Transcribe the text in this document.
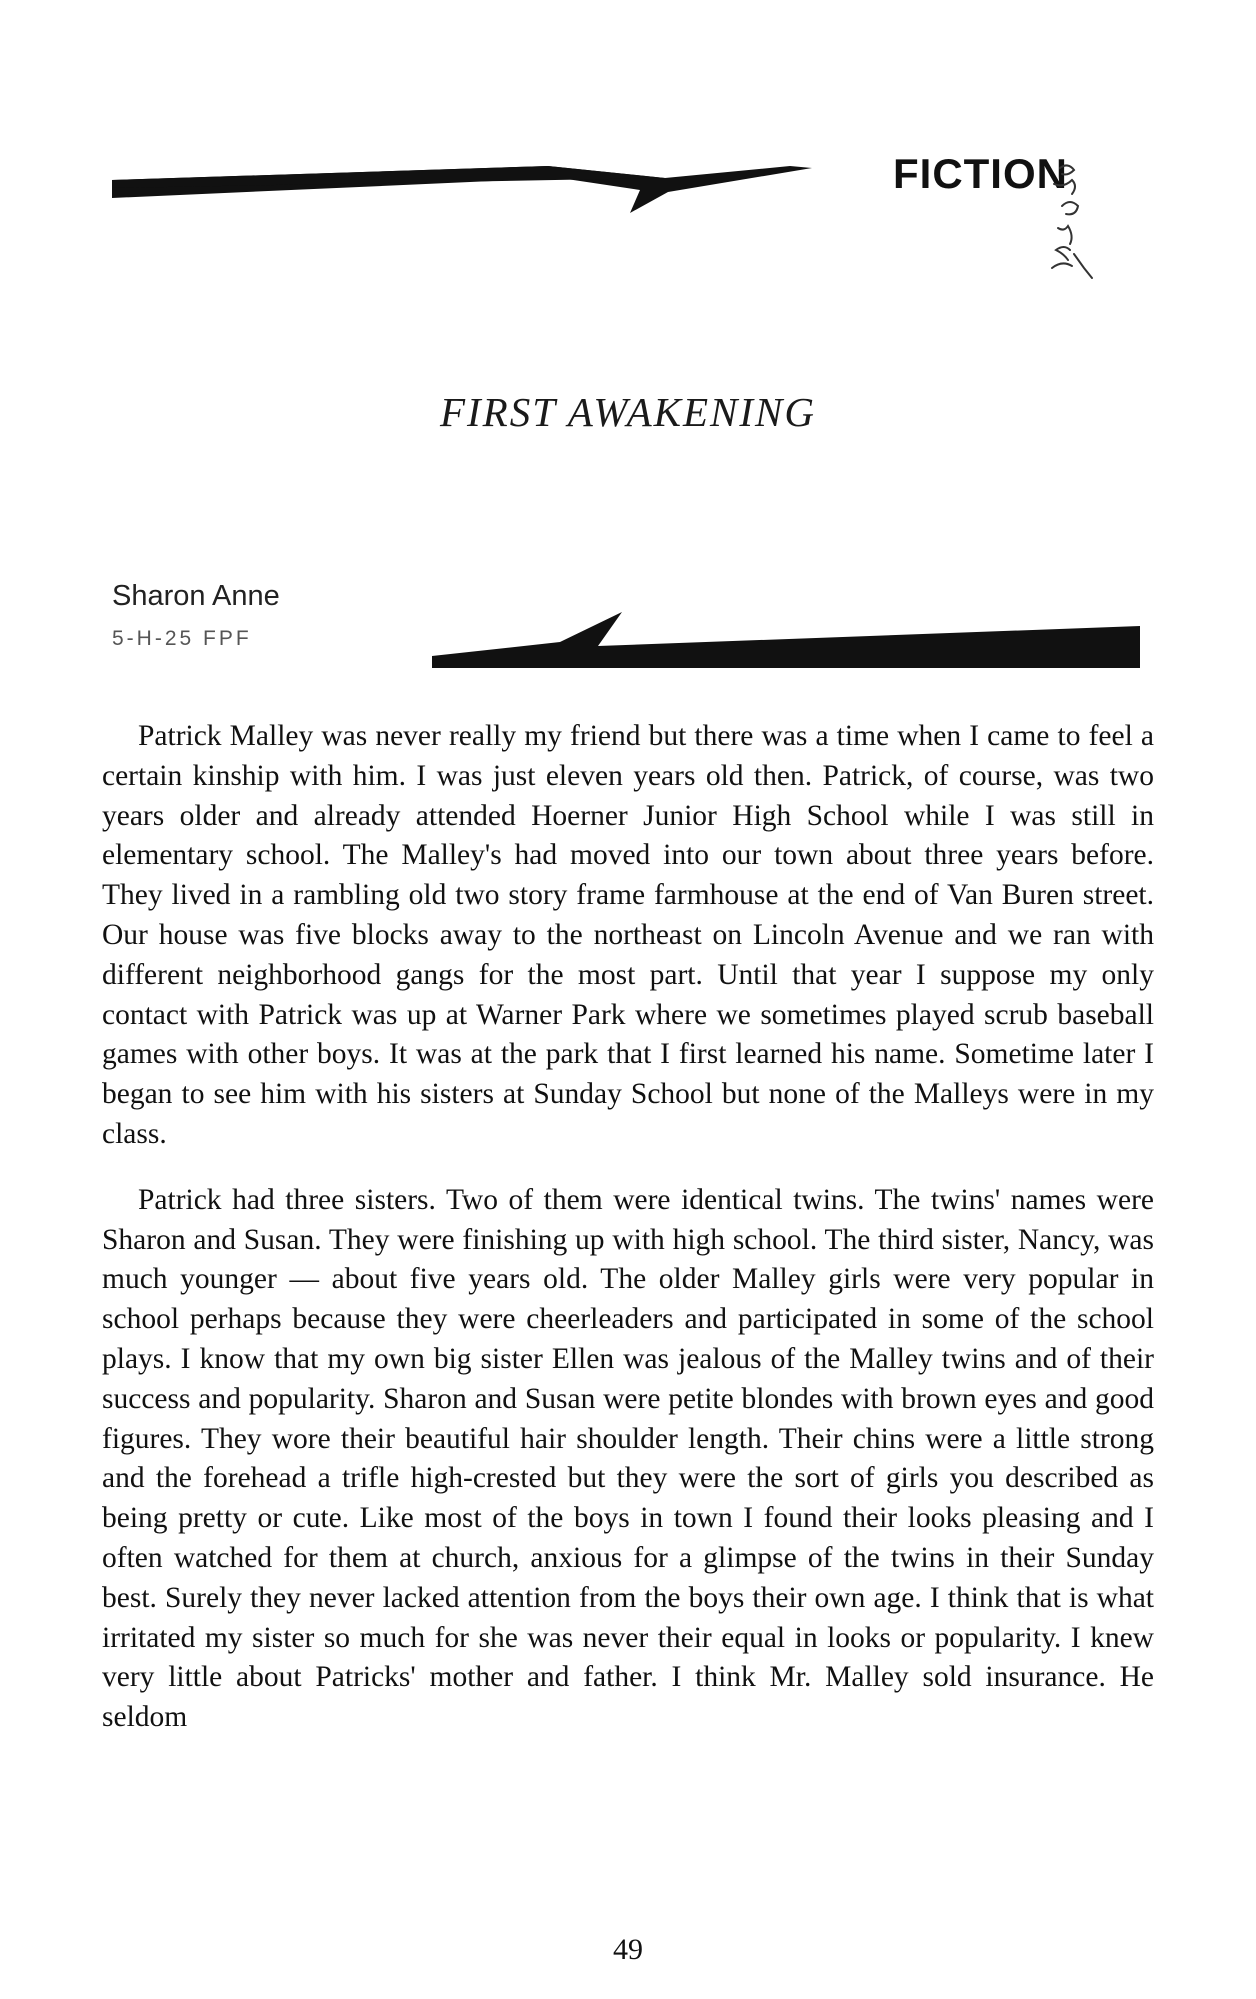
FICTION
FIRST AWAKENING
Sharon Anne
5-H-25 FPF

Patrick Malley was never really my friend but there was a time when I came to feel a certain kinship with him. I was just eleven years old then. Patrick, of course, was two years older and already attended Hoerner Junior High School while I was still in elementary school. The Malley's had moved into our town about three years before. They lived in a rambling old two story frame farmhouse at the end of Van Buren street. Our house was five blocks away to the northeast on Lincoln Avenue and we ran with different neighborhood gangs for the most part. Until that year I suppose my only contact with Patrick was up at Warner Park where we sometimes played scrub baseball games with other boys. It was at the park that I first learned his name. Sometime later I began to see him with his sisters at Sunday School but none of the Malleys were in my class.

Patrick had three sisters. Two of them were identical twins. The twins' names were Sharon and Susan. They were finishing up with high school. The third sister, Nancy, was much younger — about five years old. The older Malley girls were very popular in school perhaps because they were cheerleaders and participated in some of the school plays. I know that my own big sister Ellen was jealous of the Malley twins and of their success and popularity. Sharon and Susan were petite blondes with brown eyes and good figures. They wore their beautiful hair shoulder length. Their chins were a little strong and the forehead a trifle high-crested but they were the sort of girls you described as being pretty or cute. Like most of the boys in town I found their looks pleasing and I often watched for them at church, anxious for a glimpse of the twins in their Sunday best. Surely they never lacked attention from the boys their own age. I think that is what irritated my sister so much for she was never their equal in looks or popularity. I knew very little about Patricks' mother and father. I think Mr. Malley sold insurance. He seldom

49
